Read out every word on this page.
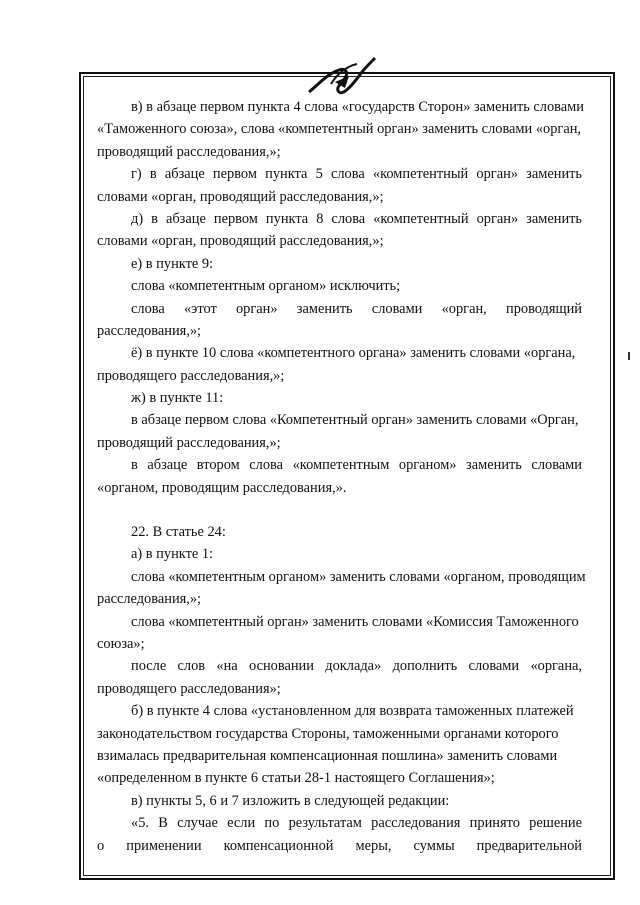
в) в абзаце первом пункта 4 слова «государств Сторон» заменить словами
«Таможенного союза», слова «компетентный орган» заменить словами «орган,
проводящий расследования,»;
г) в абзаце первом пункта 5 слова «компетентный орган» заменить
словами «орган, проводящий расследования,»;
д) в абзаце первом пункта 8 слова «компетентный орган» заменить
словами «орган, проводящий расследования,»;
е) в пункте 9:
слова «компетентным органом» исключить;
слова «этот орган» заменить словами «орган, проводящий
расследования,»;
ё) в пункте 10 слова «компетентного органа» заменить словами «органа,
проводящего расследования,»;
ж) в пункте 11:
в абзаце первом слова «Компетентный орган» заменить словами «Орган,
проводящий расследования,»;
в абзаце втором слова «компетентным органом» заменить словами
«органом, проводящим расследования,».
22. В статье 24:
а) в пункте 1:
слова «компетентным органом» заменить словами «органом, проводящим
расследования,»;
слова «компетентный орган» заменить словами «Комиссия Таможенного
союза»;
после слов «на основании доклада» дополнить словами «органа,
проводящего расследования»;
б) в пункте 4 слова «установленном для возврата таможенных платежей
законодательством государства Стороны, таможенными органами которого
взималась предварительная компенсационная пошлина» заменить словами
«определенном в пункте 6 статьи 28-1 настоящего Соглашения»;
в) пункты 5, 6 и 7 изложить в следующей редакции:
«5. В случае если по результатам расследования принято решение
о применении компенсационной меры, суммы предварительной
